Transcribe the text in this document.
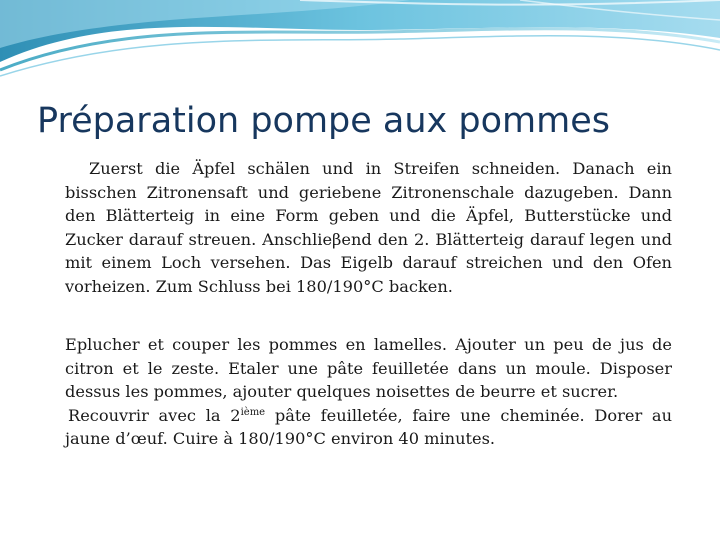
Préparation pompe aux pommes

Zuerst die Äpfel schälen und in Streifen schneiden. Danach ein bisschen Zitronensaft und geriebene Zitronenschale dazugeben. Dann den Blätterteig in eine Form geben und die Äpfel, Butterstücke und Zucker darauf streuen. Anschlieβend den 2. Blätterteig darauf legen und mit einem Loch versehen. Das Eigelb darauf streichen und den Ofen vorheizen. Zum Schluss bei 180/190°C backen.

Eplucher et couper les pommes en lamelles. Ajouter un peu de jus de citron et le zeste. Etaler une pâte feuilletée dans un moule. Disposer dessus les pommes, ajouter quelques noisettes de beurre et sucrer.
Recouvrir avec la 2ième pâte feuilletée, faire une cheminée. Dorer au jaune d’œuf. Cuire à 180/190°C environ 40 minutes.
